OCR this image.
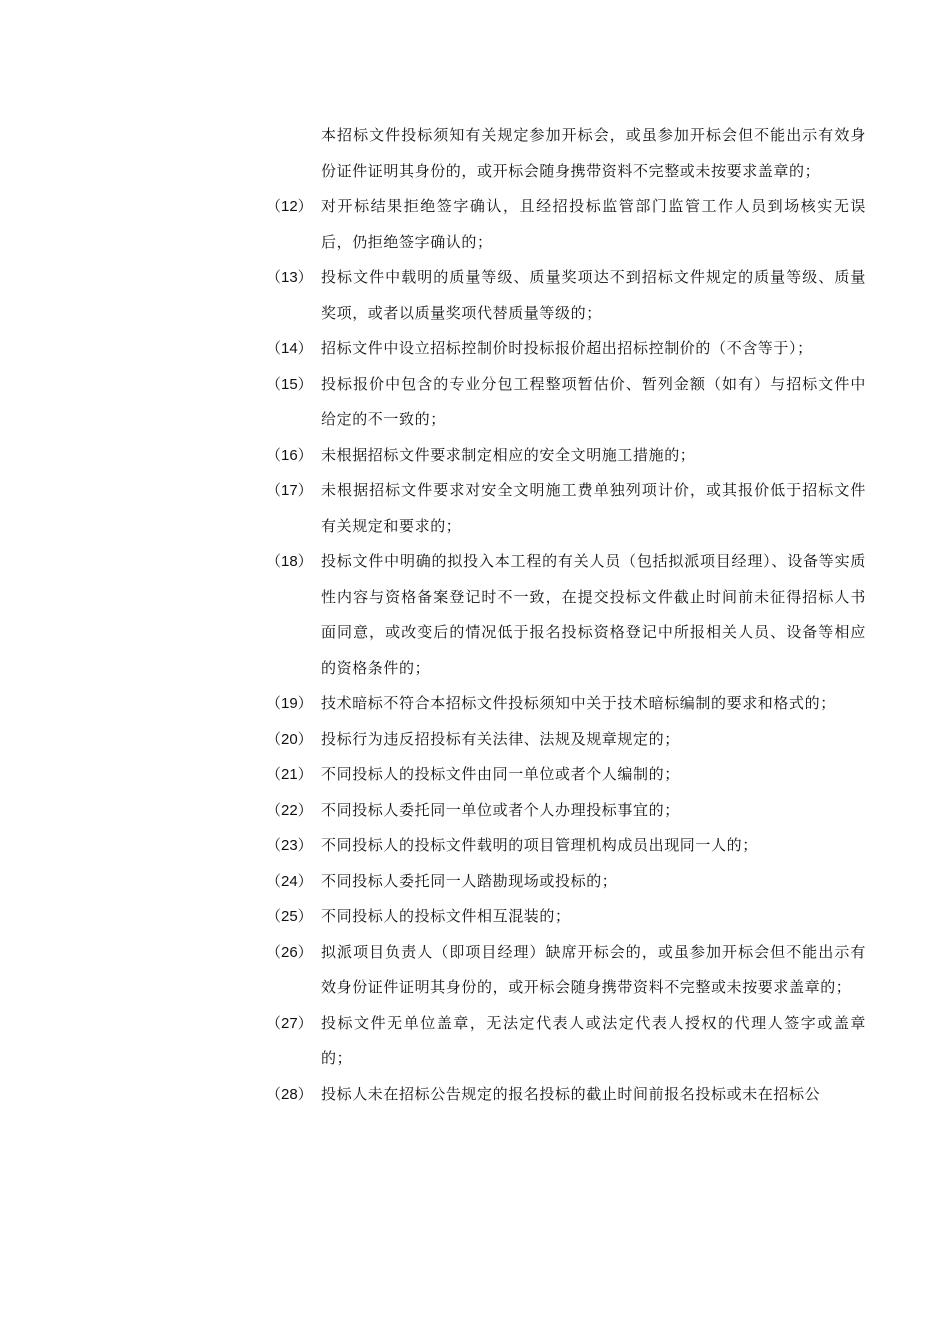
本招标文件投标须知有关规定参加开标会，或虽参加开标会但不能出示有效身份证件证明其身份的，或开标会随身携带资料不完整或未按要求盖章的；
（12） 对开标结果拒绝签字确认，且经招投标监管部门监管工作人员到场核实无误后，仍拒绝签字确认的；
（13） 投标文件中载明的质量等级、质量奖项达不到招标文件规定的质量等级、质量奖项，或者以质量奖项代替质量等级的；
（14） 招标文件中设立招标控制价时投标报价超出招标控制价的（不含等于）；
（15） 投标报价中包含的专业分包工程整项暂估价、暂列金额（如有）与招标文件中给定的不一致的；
（16） 未根据招标文件要求制定相应的安全文明施工措施的；
（17） 未根据招标文件要求对安全文明施工费单独列项计价，或其报价低于招标文件有关规定和要求的；
（18） 投标文件中明确的拟投入本工程的有关人员（包括拟派项目经理）、设备等实质性内容与资格备案登记时不一致，在提交投标文件截止时间前未征得招标人书面同意，或改变后的情况低于报名投标资格登记中所报相关人员、设备等相应的资格条件的；
（19） 技术暗标不符合本招标文件投标须知中关于技术暗标编制的要求和格式的；
（20） 投标行为违反招投标有关法律、法规及规章规定的；
（21） 不同投标人的投标文件由同一单位或者个人编制的；
（22） 不同投标人委托同一单位或者个人办理投标事宜的；
（23） 不同投标人的投标文件载明的项目管理机构成员出现同一人的；
（24） 不同投标人委托同一人踏勘现场或投标的；
（25） 不同投标人的投标文件相互混装的；
（26） 拟派项目负责人（即项目经理）缺席开标会的，或虽参加开标会但不能出示有效身份证件证明其身份的，或开标会随身携带资料不完整或未按要求盖章的；
（27） 投标文件无单位盖章，无法定代表人或法定代表人授权的代理人签字或盖章的；
（28） 投标人未在招标公告规定的报名投标的截止时间前报名投标或未在招标公
